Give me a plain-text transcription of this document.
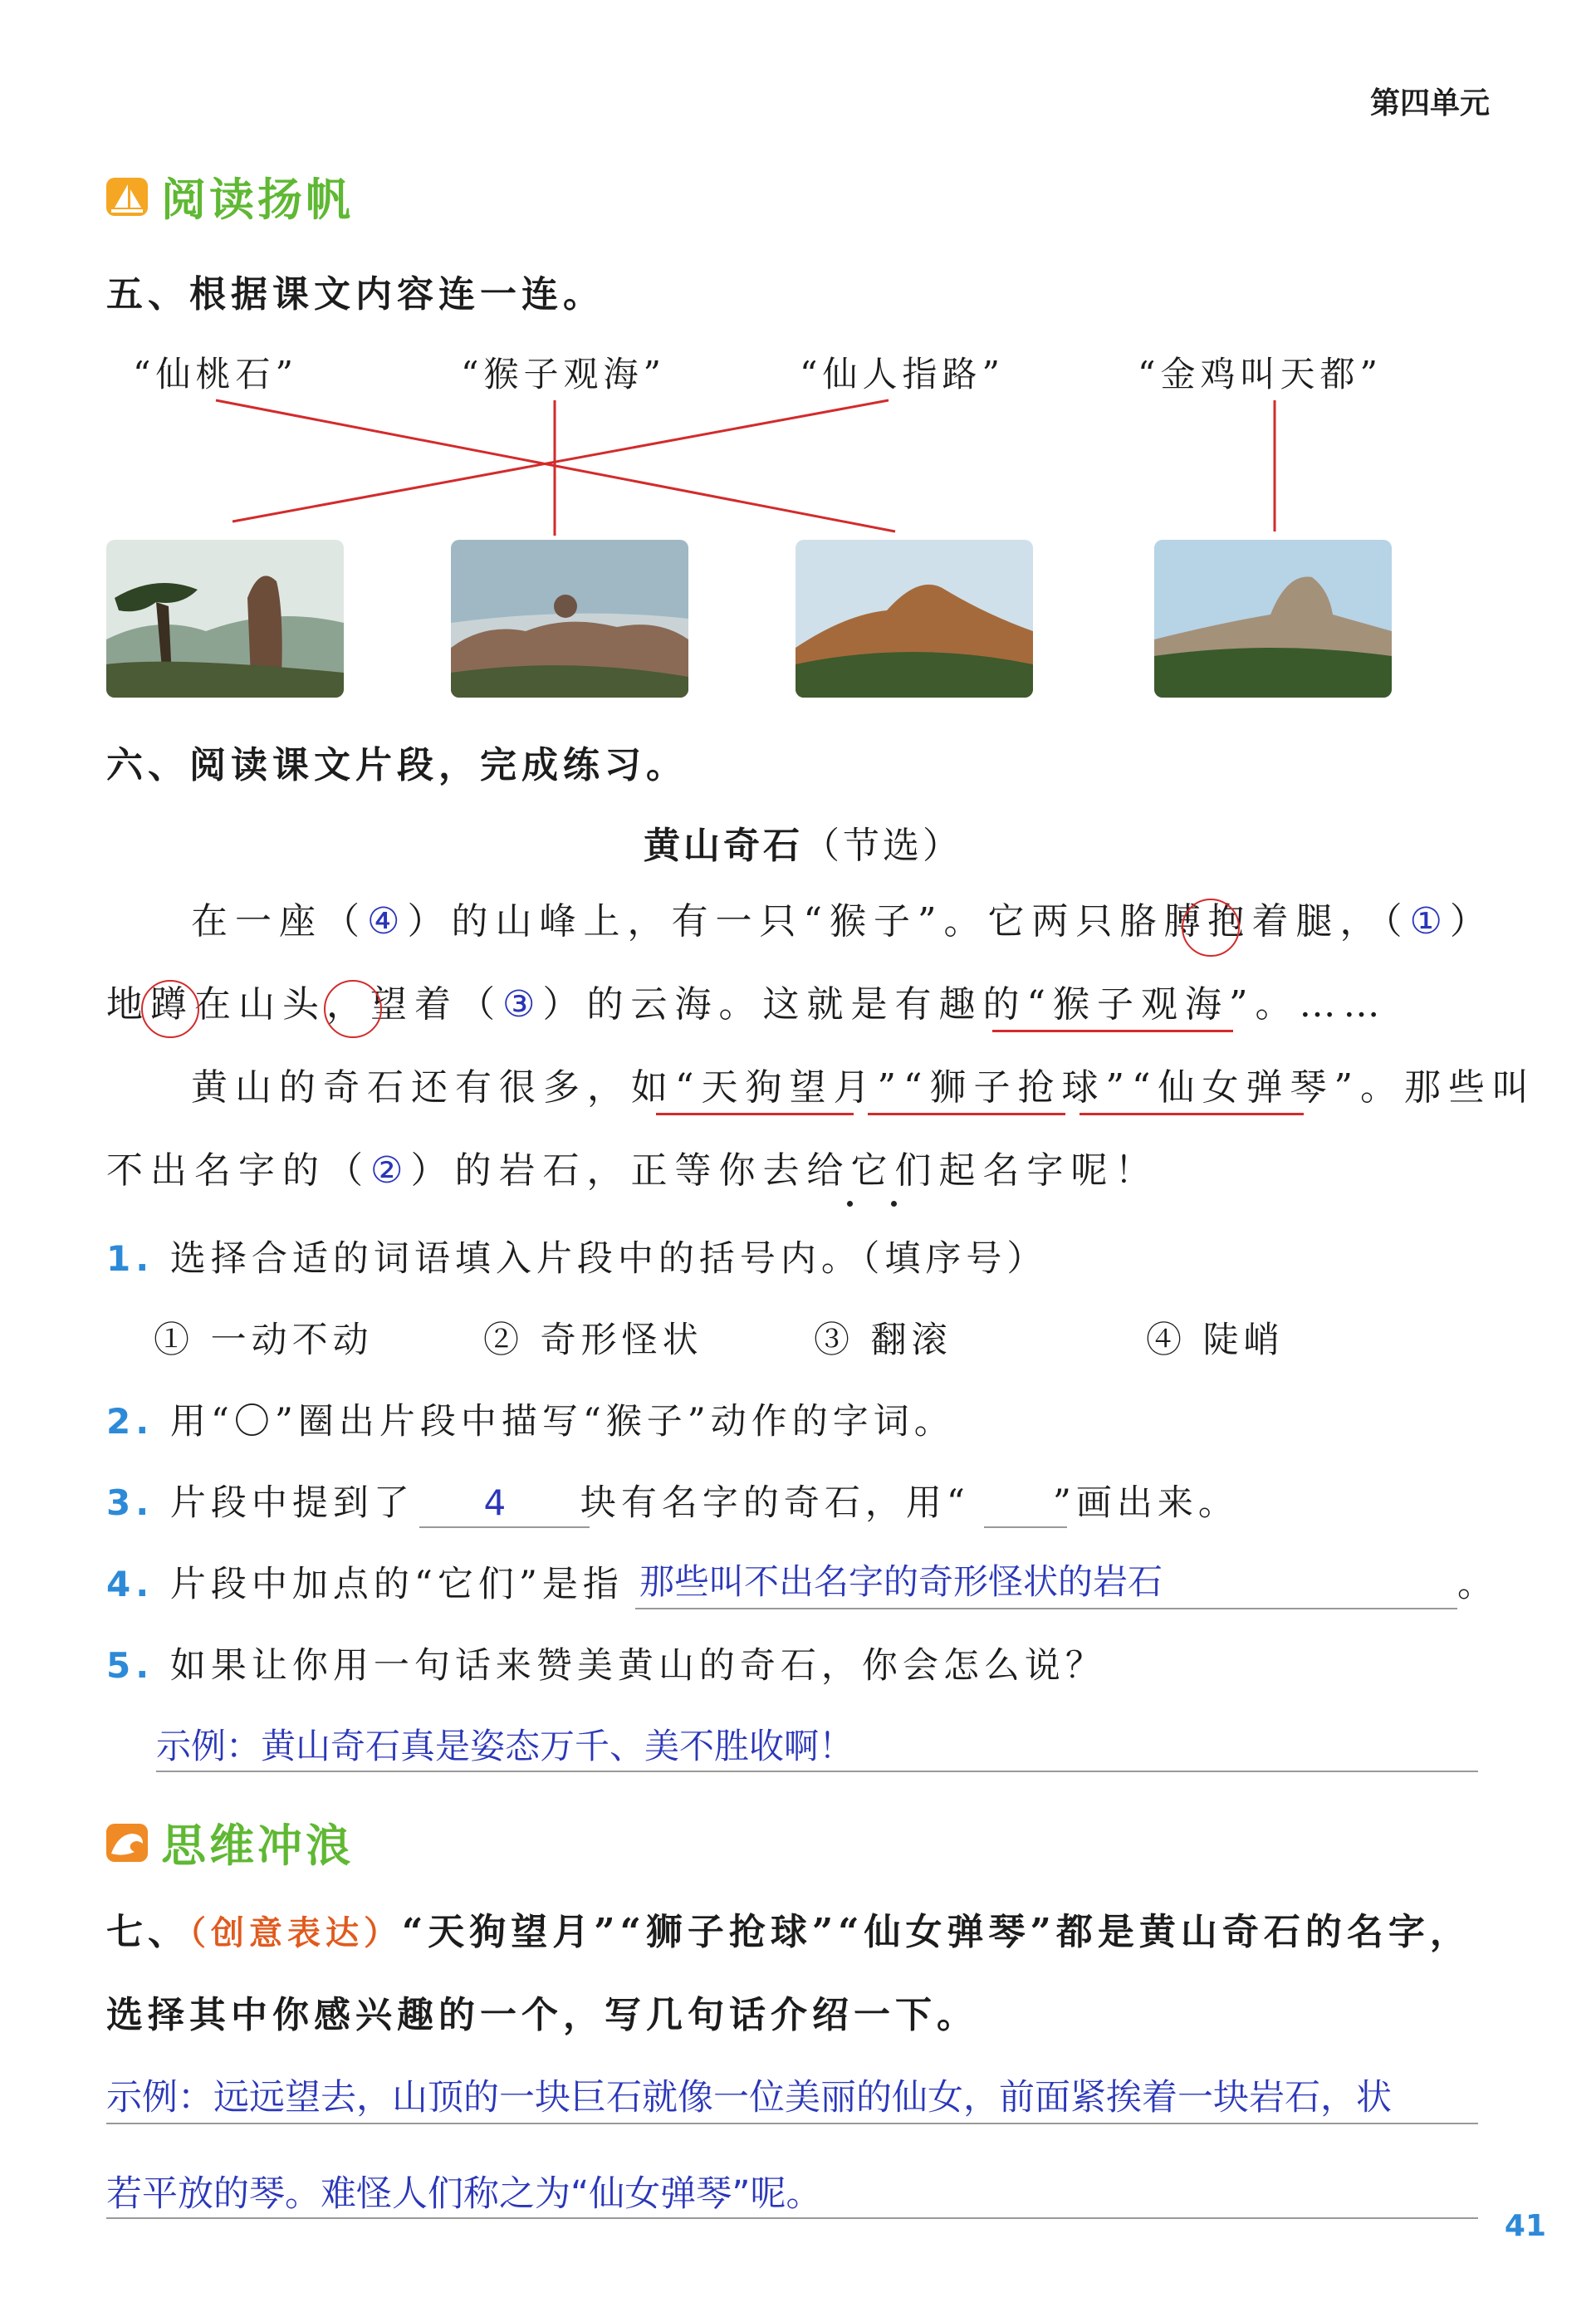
第四单元
阅读扬帆
五、根据课文内容连一连。
“仙桃石”	“猴子观海”	“仙人指路”	“金鸡叫天都”
六、阅读课文片段，完成练习。
黄山奇石（节选）
在一座（④）的山峰上，有一只“猴子”。它两只胳膊抱着腿，（①）
地蹲在山头，望着（③）的云海。这就是有趣的“猴子观海”。……
黄山的奇石还有很多，如“天狗望月”“狮子抢球”“仙女弹琴”。那些叫
不出名字的（②）的岩石，正等你去给它们起名字呢！
1. 选择合适的词语填入片段中的括号内。（填序号）
① 一动不动	② 奇形怪状	③ 翻滚	④ 陡峭
2. 用“〇”圈出片段中描写“猴子”动作的字词。
3. 片段中提到了 4 块有名字的奇石，用“ ”画出来。
4. 片段中加点的“它们”是指 那些叫不出名字的奇形怪状的岩石	。
5. 如果让你用一句话来赞美黄山的奇石，你会怎么说？
示例：黄山奇石真是姿态万千、美不胜收啊！
思维冲浪
七、（创意表达）“天狗望月”“狮子抢球”“仙女弹琴”都是黄山奇石的名字，
选择其中你感兴趣的一个，写几句话介绍一下。
示例：远远望去，山顶的一块巨石就像一位美丽的仙女，前面紧挨着一块岩石，状
若平放的琴。难怪人们称之为“仙女弹琴”呢。
41
